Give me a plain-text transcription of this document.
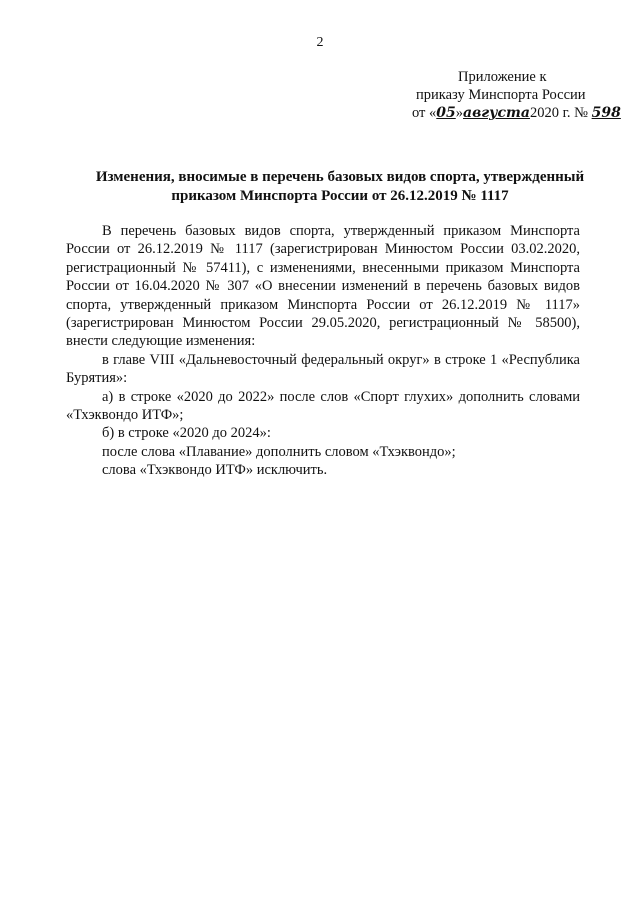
2
Приложение к
приказу Минспорта России
от «05»августа2020 г. № 598
Изменения, вносимые в перечень базовых видов спорта, утвержденный
приказом Минспорта России от 26.12.2019 № 1117

В перечень базовых видов спорта, утвержденный приказом Минспорта России от 26.12.2019 № 1117 (зарегистрирован Минюстом России 03.02.2020, регистрационный № 57411), с изменениями, внесенными приказом Минспорта России от 16.04.2020 № 307 «О внесении изменений в перечень базовых видов спорта, утвержденный приказом Минспорта России от 26.12.2019 № 1117» (зарегистрирован Минюстом России 29.05.2020, регистрационный № 58500), внести следующие изменения:

в главе VIII «Дальневосточный федеральный округ» в строке 1 «Республика Бурятия»:

а) в строке «2020 до 2022» после слов «Спорт глухих» дополнить словами «Тхэквондо ИТФ»;

б) в строке «2020 до 2024»:

после слова «Плавание» дополнить словом «Тхэквондо»;

слова «Тхэквондо ИТФ» исключить.
